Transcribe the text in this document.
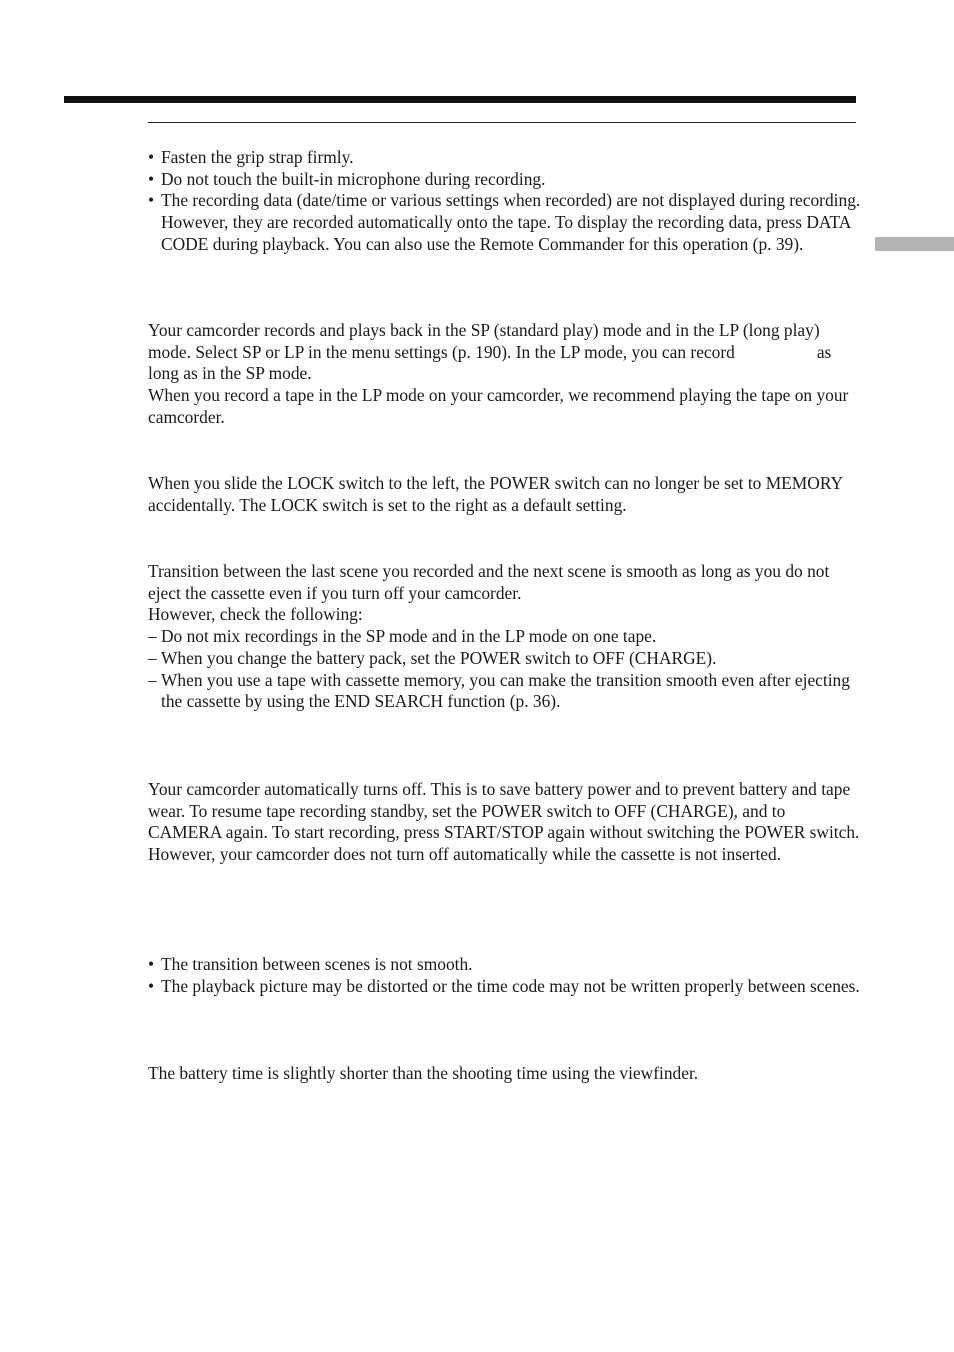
• Fasten the grip strap firmly.

• Do not touch the built-in microphone during recording.

• The recording data (date/time or various settings when recorded) are not displayed during recording. However, they are recorded automatically onto the tape. To display the recording data, press DATA CODE during playback. You can also use the Remote Commander for this operation (p. 39).

Your camcorder records and plays back in the SP (standard play) mode and in the LP (long play) mode. Select SP or LP in the menu settings (p. 190). In the LP mode, you can record	as long as in the SP mode.

When you record a tape in the LP mode on your camcorder, we recommend playing the tape on your camcorder.

When you slide the LOCK switch to the left, the POWER switch can no longer be set to MEMORY accidentally. The LOCK switch is set to the right as a default setting.

Transition between the last scene you recorded and the next scene is smooth as long as you do not eject the cassette even if you turn off your camcorder.

However, check the following:

– Do not mix recordings in the SP mode and in the LP mode on one tape.

– When you change the battery pack, set the POWER switch to OFF (CHARGE).

– When you use a tape with cassette memory, you can make the transition smooth even after ejecting the cassette by using the END SEARCH function (p. 36).

Your camcorder automatically turns off. This is to save battery power and to prevent battery and tape wear. To resume tape recording standby, set the POWER switch to OFF (CHARGE), and to CAMERA again. To start recording, press START/STOP again without switching the POWER switch. However, your camcorder does not turn off automatically while the cassette is not inserted.

• The transition between scenes is not smooth.

• The playback picture may be distorted or the time code may not be written properly between scenes.

The battery time is slightly shorter than the shooting time using the viewfinder.
